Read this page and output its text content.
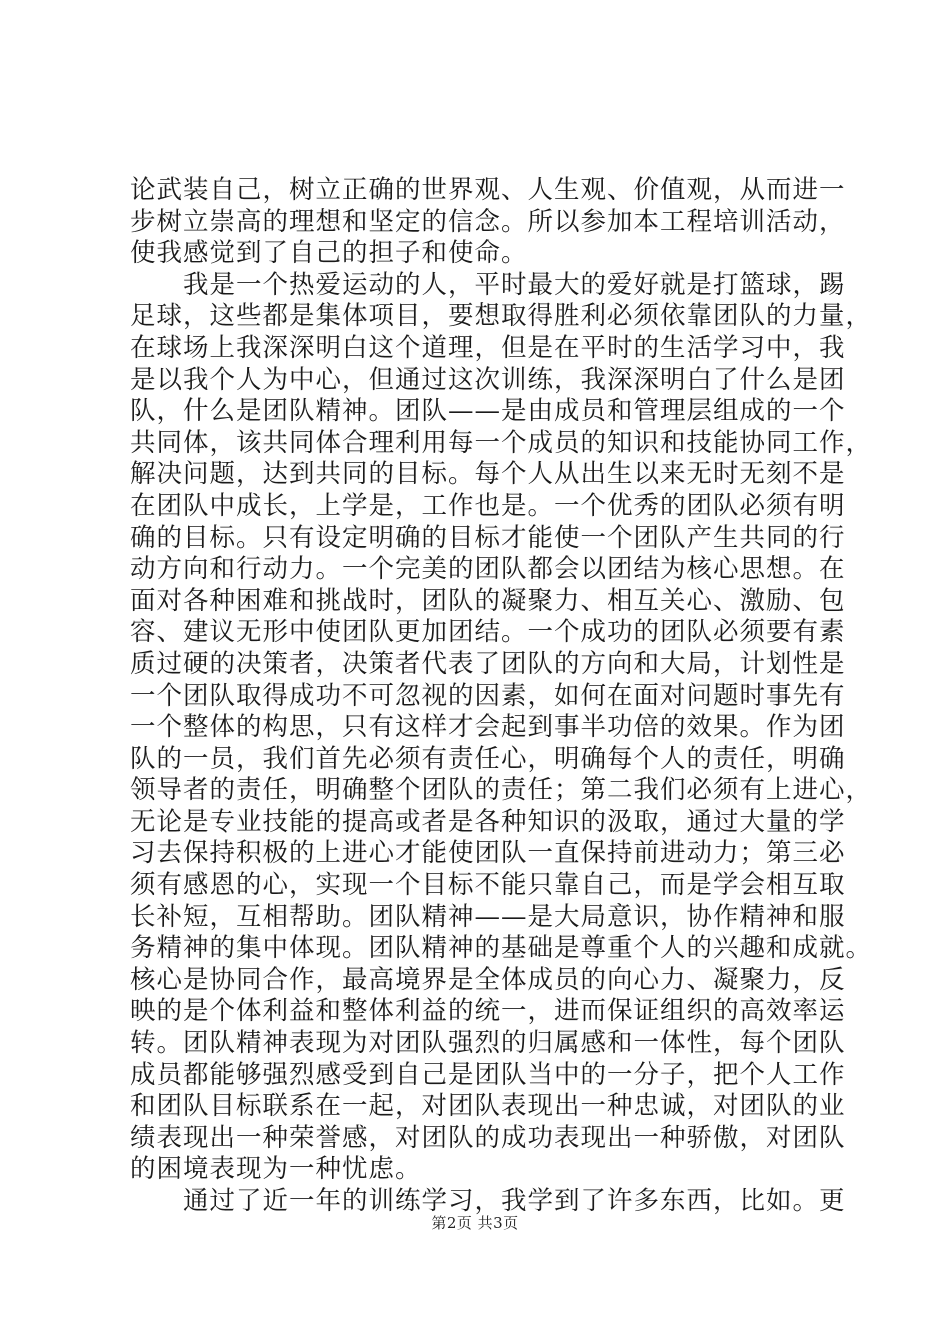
论武装自己，树立正确的世界观、人生观、价值观，从而进一
步树立崇高的理想和坚定的信念。所以参加本工程培训活动，
使我感觉到了自己的担子和使命。
　　我是一个热爱运动的人，平时最大的爱好就是打篮球，踢
足球，这些都是集体项目，要想取得胜利必须依靠团队的力量，
在球场上我深深明白这个道理，但是在平时的生活学习中，我
是以我个人为中心，但通过这次训练，我深深明白了什么是团
队，什么是团队精神。团队——是由成员和管理层组成的一个
共同体，该共同体合理利用每一个成员的知识和技能协同工作，
解决问题，达到共同的目标。每个人从出生以来无时无刻不是
在团队中成长，上学是，工作也是。一个优秀的团队必须有明
确的目标。只有设定明确的目标才能使一个团队产生共同的行
动方向和行动力。一个完美的团队都会以团结为核心思想。在
面对各种困难和挑战时，团队的凝聚力、相互关心、激励、包
容、建议无形中使团队更加团结。一个成功的团队必须要有素
质过硬的决策者，决策者代表了团队的方向和大局，计划性是
一个团队取得成功不可忽视的因素，如何在面对问题时事先有
一个整体的构思，只有这样才会起到事半功倍的效果。作为团
队的一员，我们首先必须有责任心，明确每个人的责任，明确
领导者的责任，明确整个团队的责任；第二我们必须有上进心，
无论是专业技能的提高或者是各种知识的汲取，通过大量的学
习去保持积极的上进心才能使团队一直保持前进动力；第三必
须有感恩的心，实现一个目标不能只靠自己，而是学会相互取
长补短，互相帮助。团队精神——是大局意识，协作精神和服
务精神的集中体现。团队精神的基础是尊重个人的兴趣和成就。
核心是协同合作，最高境界是全体成员的向心力、凝聚力，反
映的是个体利益和整体利益的统一，进而保证组织的高效率运
转。团队精神表现为对团队强烈的归属感和一体性，每个团队
成员都能够强烈感受到自己是团队当中的一分子，把个人工作
和团队目标联系在一起，对团队表现出一种忠诚，对团队的业
绩表现出一种荣誉感，对团队的成功表现出一种骄傲，对团队
的困境表现为一种忧虑。
　　通过了近一年的训练学习，我学到了许多东西，比如。更
第2页 共3页
